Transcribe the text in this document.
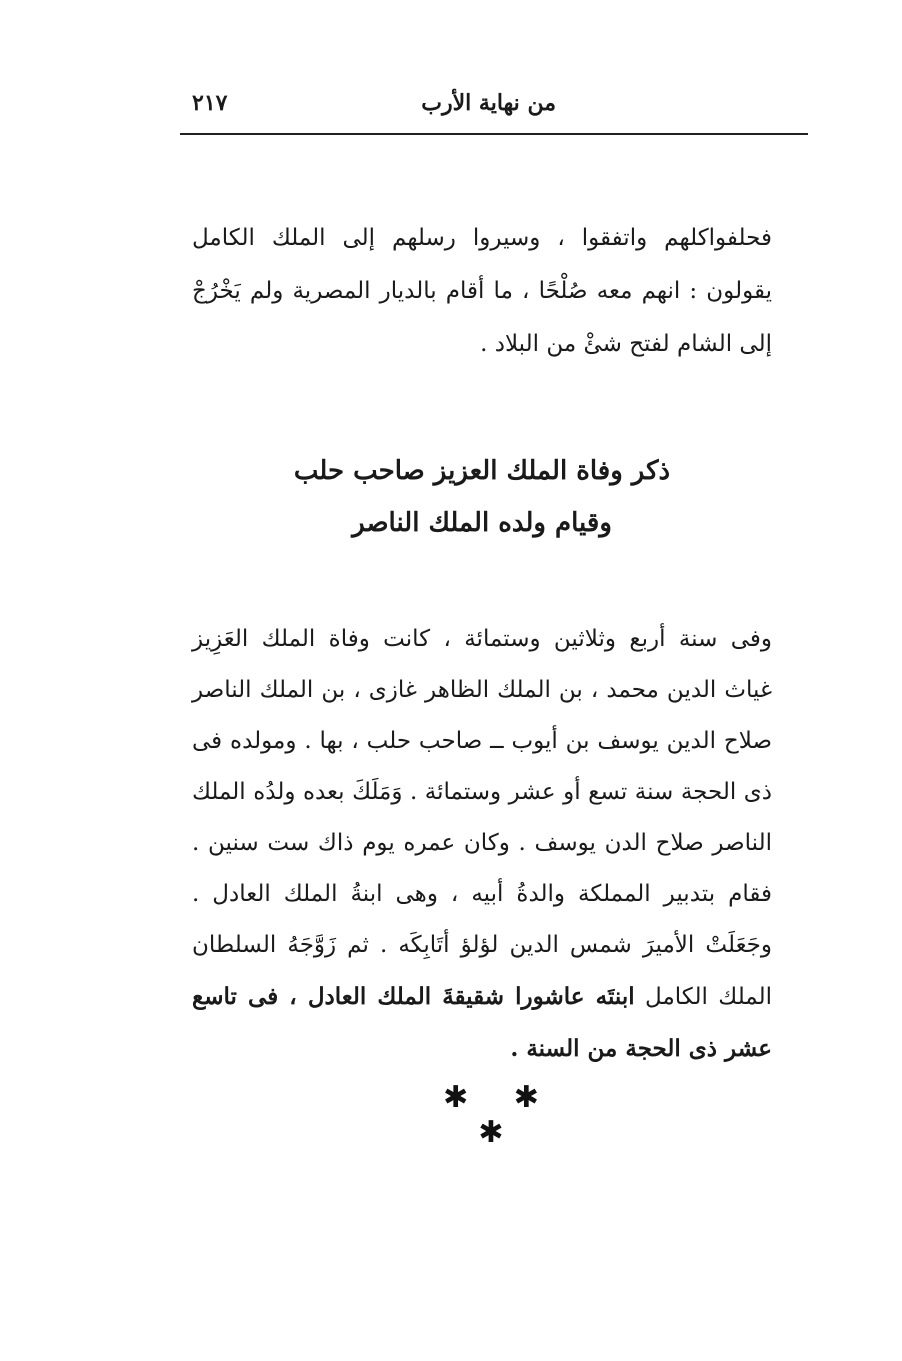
من نهاية الأرب
٢١٧

فحلفواكلهم واتفقوا ، وسيروا رسلهم إلى الملك الكامل يقولون : انهم معه صُلْحًا ، ما أقام بالديار المصرية ولم يَخْرُجْ إلى الشام لفتح شئْ من البلاد .

ذكر وفاة الملك العزيز صاحب حلب
وقيام ولده الملك الناصر

وفى سنة أربع وثلاثين وستمائة ، كانت وفاة الملك العَزِيز غياث الدين محمد ، بن الملك الظاهر غازى ، بن الملك الناصر صلاح الدين يوسف بن أيوب ــ صاحب حلب ، بها . ومولده فى ذى الحجة سنة تسع أو عشر وستمائة . وَمَلَكَ بعده ولدُه الملك الناصر صلاح الدن يوسف . وكان عمره يوم ذاك ست سنين . فقام بتدبير المملكة والدةُ أبيه ، وهى ابنةُ الملك العادل . وجَعَلَتْ الأميرَ شمس الدين لؤلؤ أتَابِكَه . ثم زَوَّجَهُ السلطان الملك الكامل ابنتَه عاشورا شقيقةَ الملك العادل ، فى تاسع عشر ذى الحجة من السنة .

✱ ✱ ✱
